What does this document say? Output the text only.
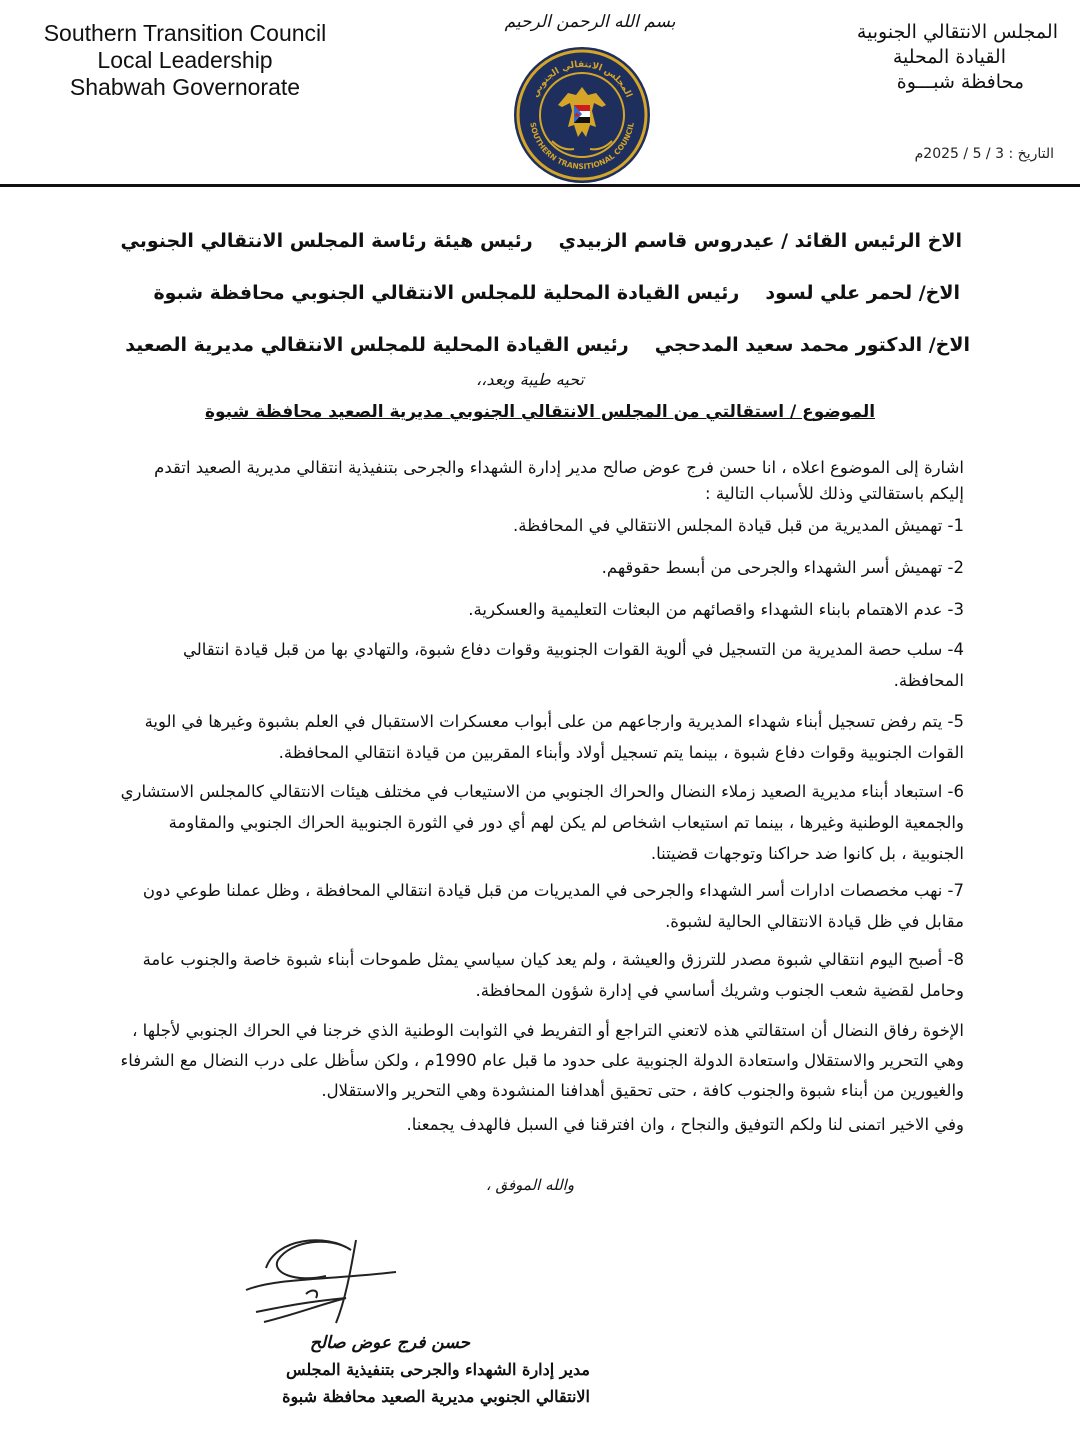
Southern Transition Council
Local Leadership
Shabwah Governorate
بسم الله الرحمن الرحيم
المجلس الانتقالي الجنوبي
SOUTHERN TRANSITIONAL COUNCIL
المجلس الانتقالي الجنوبية
القيادة المحلية
محافظة شبـــوة
التاريخ : 3 / 5 / 2025م
الاخ الرئيس القائد / عيدروس قاسم الزبيديرئيس هيئة رئاسة المجلس الانتقالي الجنوبي
الاخ/ لحمر علي لسودرئيس القيادة المحلية للمجلس الانتقالي الجنوبي محافظة شبوة
الاخ/ الدكتور محمد سعيد المدحجيرئيس القيادة المحلية للمجلس الانتقالي مديرية الصعيد
تحيه طيبة وبعد،،
الموضوع / استقالتي من المجلس الانتقالي الجنوبي مديرية الصعيد محافظة شبوة
اشارة إلى الموضوع اعلاه ، انا حسن فرج عوض صالح مدير إدارة الشهداء والجرحى بتنفيذية انتقالي مديرية الصعيد اتقدم إليكم باستقالتي وذلك للأسباب التالية :
1- تهميش المديرية من قبل قيادة المجلس الانتقالي في المحافظة.
2- تهميش أسر الشهداء والجرحى من أبسط حقوقهم.
3- عدم الاهتمام بابناء الشهداء واقصائهم من البعثات التعليمية والعسكرية.
4- سلب حصة المديرية من التسجيل في ألوية القوات الجنوبية وقوات دفاع شبوة، والتهادي بها من قبل قيادة انتقالي المحافظة.
5- يتم رفض تسجيل أبناء شهداء المديرية وارجاعهم من على أبواب معسكرات الاستقبال في العلم بشبوة وغيرها في الوية القوات الجنوبية وقوات دفاع شبوة ، بينما يتم تسجيل أولاد وأبناء المقربين من قيادة انتقالي المحافظة.
6- استبعاد أبناء مديرية الصعيد زملاء النضال والحراك الجنوبي من الاستيعاب في مختلف هيئات الانتقالي كالمجلس الاستشاري والجمعية الوطنية وغيرها ، بينما تم استيعاب اشخاص لم يكن لهم أي دور في الثورة الجنوبية الحراك الجنوبي والمقاومة الجنوبية ، بل كانوا ضد حراكنا وتوجهات قضيتنا.
7- نهب مخصصات ادارات أسر الشهداء والجرحى في المديريات من قبل قيادة انتقالي المحافظة ، وظل عملنا طوعي دون مقابل في ظل قيادة الانتقالي الحالية لشبوة.
8- أصبح اليوم انتقالي شبوة مصدر للترزق والعيشة ، ولم يعد كيان سياسي يمثل طموحات أبناء شبوة خاصة والجنوب عامة وحامل لقضية شعب الجنوب وشريك أساسي في إدارة شؤون المحافظة.
الإخوة رفاق النضال أن استقالتي هذه لاتعني التراجع أو التفريط في الثوابت الوطنية الذي خرجنا في الحراك الجنوبي لأجلها ، وهي التحرير والاستقلال واستعادة الدولة الجنوبية على حدود ما قبل عام 1990م ، ولكن سأظل على درب النضال مع الشرفاء والغيورين من أبناء شبوة والجنوب كافة ، حتى تحقيق أهدافنا المنشودة وهي التحرير والاستقلال.
وفي الاخير اتمنى لنا ولكم التوفيق والنجاح ، وان افترقنا في السبل فالهدف يجمعنا.
والله الموفق ،
حسن فرج عوض صالح
مدير إدارة الشهداء والجرحى بتنفيذية المجلس
الانتقالي الجنوبي مديرية الصعيد محافظة شبوة
